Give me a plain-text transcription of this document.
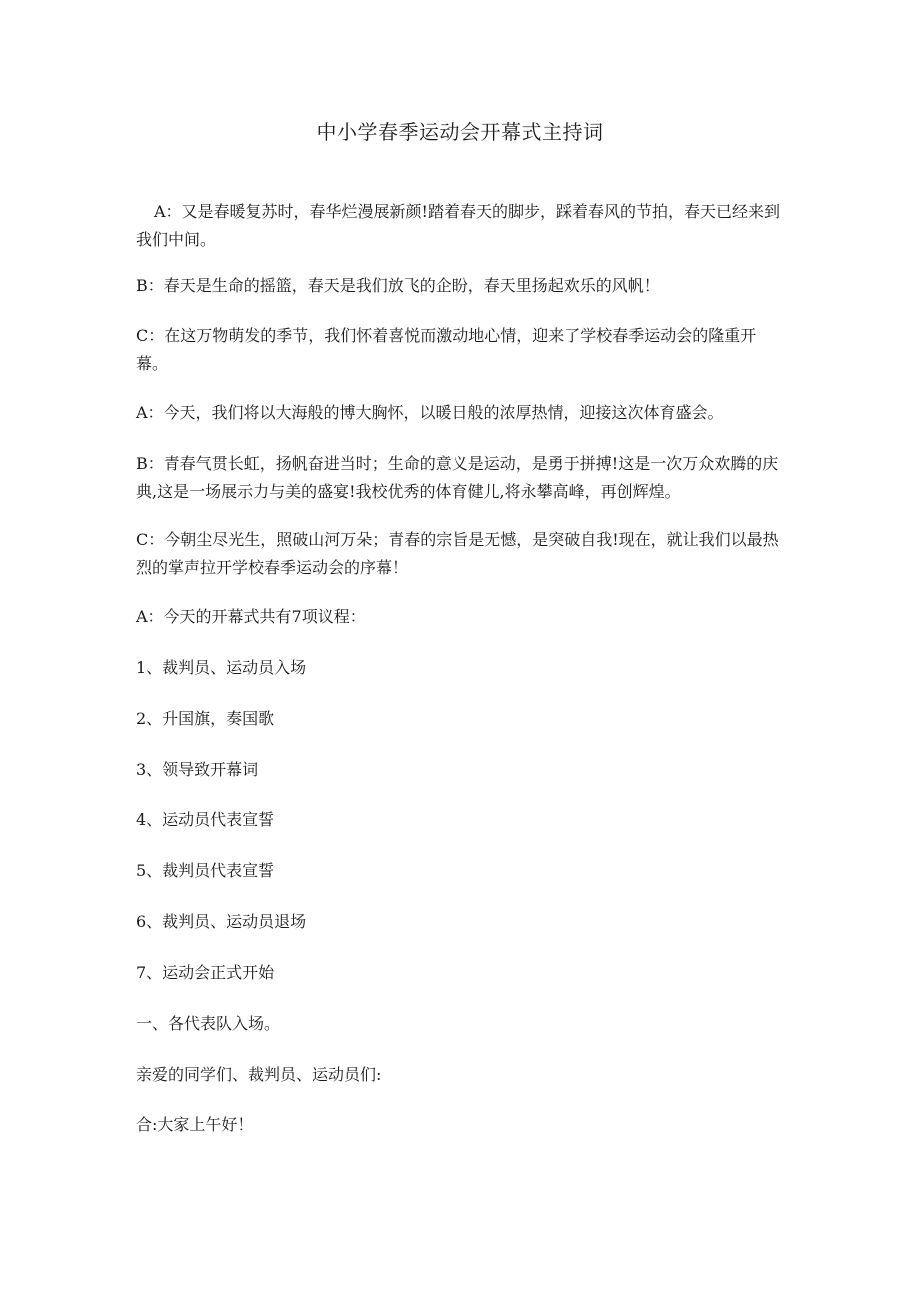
中小学春季运动会开幕式主持词

A：又是春暖复苏时，春华烂漫展新颜!踏着春天的脚步，踩着春风的节拍，春天已经来到我们中间。

B：春天是生命的摇篮，春天是我们放飞的企盼，春天里扬起欢乐的风帆！

C：在这万物萌发的季节，我们怀着喜悦而激动地心情，迎来了学校春季运动会的隆重开幕。

A：今天，我们将以大海般的博大胸怀，以暖日般的浓厚热情，迎接这次体育盛会。

B：青春气贯长虹，扬帆奋进当时；生命的意义是运动，是勇于拼搏!这是一次万众欢腾的庆典,这是一场展示力与美的盛宴!我校优秀的体育健儿,将永攀高峰，再创辉煌。

C：今朝尘尽光生，照破山河万朵；青春的宗旨是无憾，是突破自我!现在，就让我们以最热烈的掌声拉开学校春季运动会的序幕！

A：今天的开幕式共有7项议程：

1、裁判员、运动员入场

2、升国旗，奏国歌

3、领导致开幕词

4、运动员代表宣誓

5、裁判员代表宣誓

6、裁判员、运动员退场

7、运动会正式开始

一、各代表队入场。

亲爱的同学们、裁判员、运动员们:

合:大家上午好！
